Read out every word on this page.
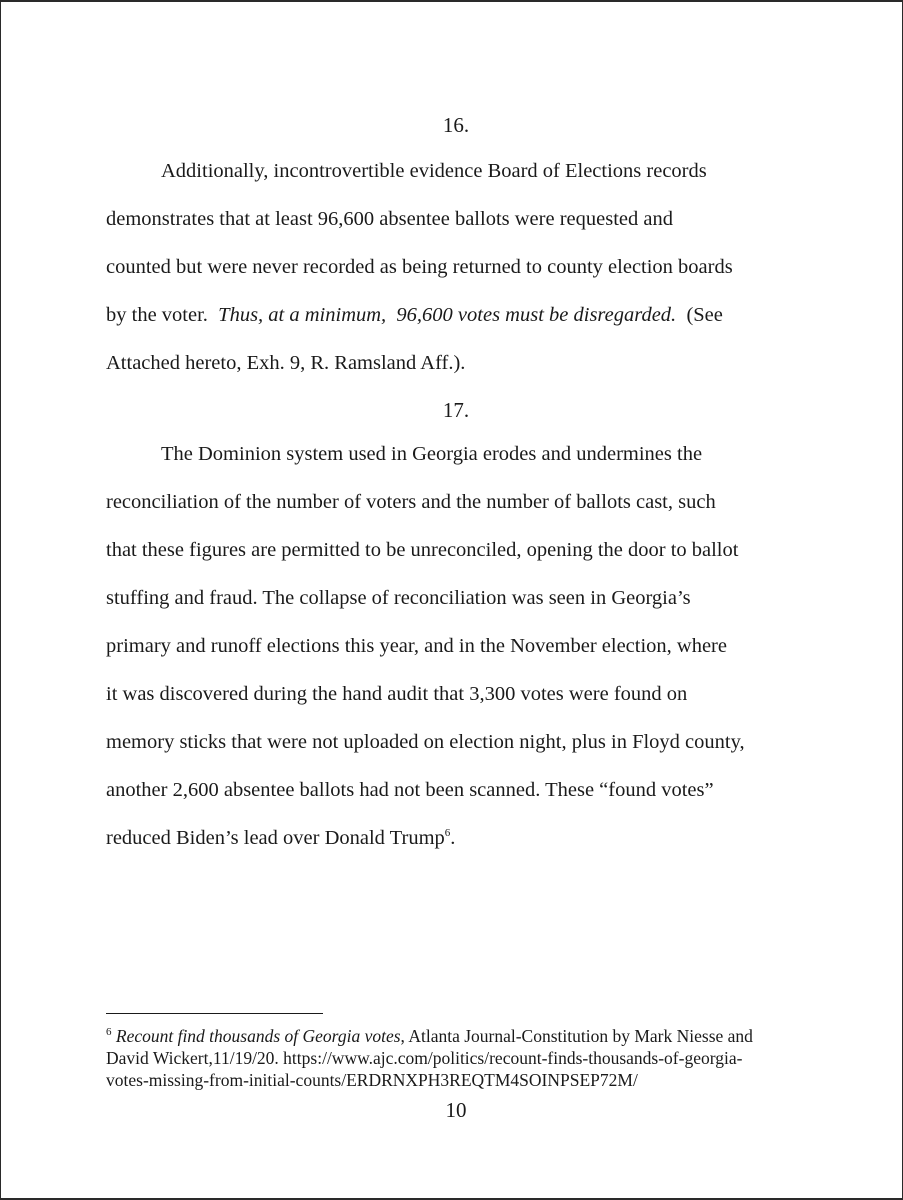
16.
Additionally, incontrovertible evidence Board of Elections records
demonstrates that at least 96,600 absentee ballots were requested and
counted but were never recorded as being returned to county election boards
by the voter.  Thus, at a minimum,  96,600 votes must be disregarded.  (See
Attached hereto, Exh. 9, R. Ramsland Aff.).
17.
The Dominion system used in Georgia erodes and undermines the
reconciliation of the number of voters and the number of ballots cast, such
that these figures are permitted to be unreconciled, opening the door to ballot
stuffing and fraud. The collapse of reconciliation was seen in Georgia’s
primary and runoff elections this year, and in the November election, where
it was discovered during the hand audit that 3,300 votes were found on
memory sticks that were not uploaded on election night, plus in Floyd county,
another 2,600 absentee ballots had not been scanned. These “found votes”
reduced Biden’s lead over Donald Trump$^6$.
$^6$ Recount find thousands of Georgia votes, Atlanta Journal-Constitution by Mark Niesse and
David Wickert,11/19/20. https://www.ajc.com/politics/recount-finds-thousands-of-georgia-
votes-missing-from-initial-counts/ERDRNXPH3REQTM4SOINPSEP72M/
10
